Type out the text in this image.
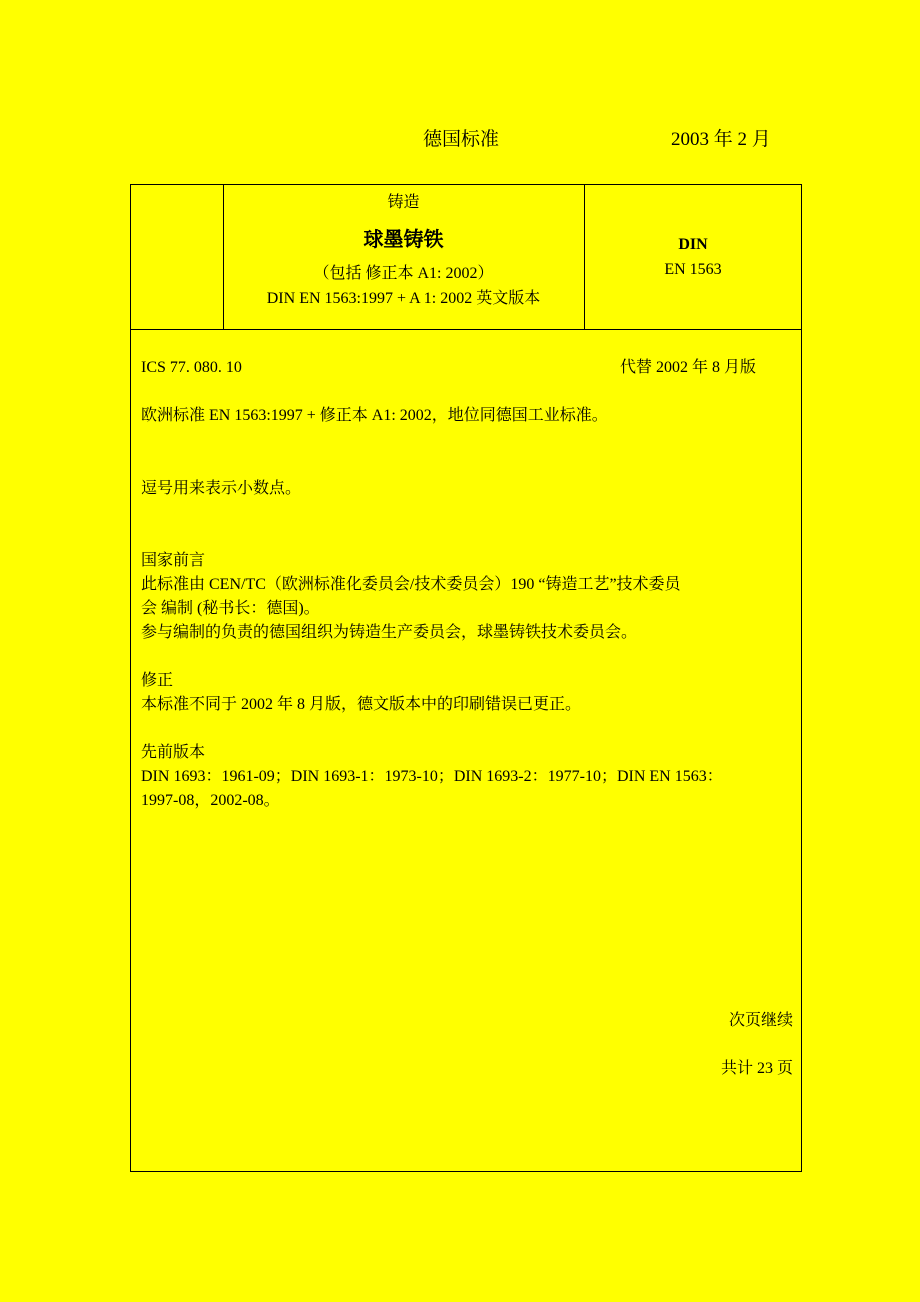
德国标准	2003 年 2 月
铸造
球墨铸铁
（包括 修正本 A1: 2002）
DIN EN 1563:1997 + A 1: 2002 英文版本
DIN
EN 1563
ICS 77. 080. 10	代替 2002 年 8 月版
欧洲标准 EN 1563:1997 + 修正本 A1: 2002，地位同德国工业标准。
逗号用来表示小数点。
国家前言
此标准由 CEN/TC（欧洲标准化委员会/技术委员会）190 “铸造工艺”技术委员
会 编制 (秘书长：德国)。
参与编制的负责的德国组织为铸造生产委员会，球墨铸铁技术委员会。
修正
本标准不同于 2002 年 8 月版，德文版本中的印刷错误已更正。
先前版本
DIN 1693：1961-09；DIN 1693-1：1973-10；DIN 1693-2：1977-10；DIN EN 1563：
1997-08，2002-08。
次页继续
共计 23 页
